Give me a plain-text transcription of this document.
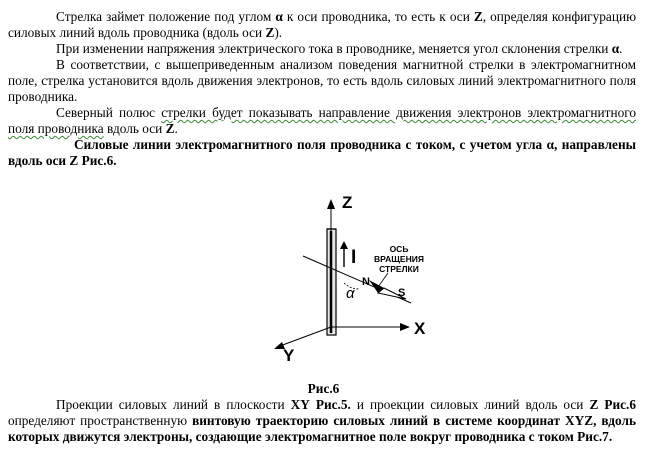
Стрелка займет положение под углом α к оси проводника, то есть к оси Z, определяя конфигурацию силовых линий вдоль проводника (вдоль оси Z).

При изменении напряжения электрического тока в проводнике, меняется угол склонения стрелки α.

В соответствии, с вышеприведенным анализом поведения магнитной стрелки в электромагнитном поле, стрелка установится вдоль движения электронов, то есть вдоль силовых линий электромагнитного поля проводника.

Северный полюс стрелки будет показывать направление движения электронов электромагнитного поля проводника вдоль оси Z.

Силовые линии электромагнитного поля проводника с током, с учетом угла α, направлены вдоль оси Z Рис.6.

Z
X
Y
I	ОСЬ
ВРАЩЕНИЯ
СТРЕЛКИ
N
S
α
Рис.6

Проекции силовых линий в плоскости XY Рис.5. и проекции силовых линий вдоль оси Z Рис.6 определяют пространственную винтовую траекторию силовых линий в системе координат XYZ, вдоль которых движутся электроны, создающие электромагнитное поле вокруг проводника с током Рис.7.
